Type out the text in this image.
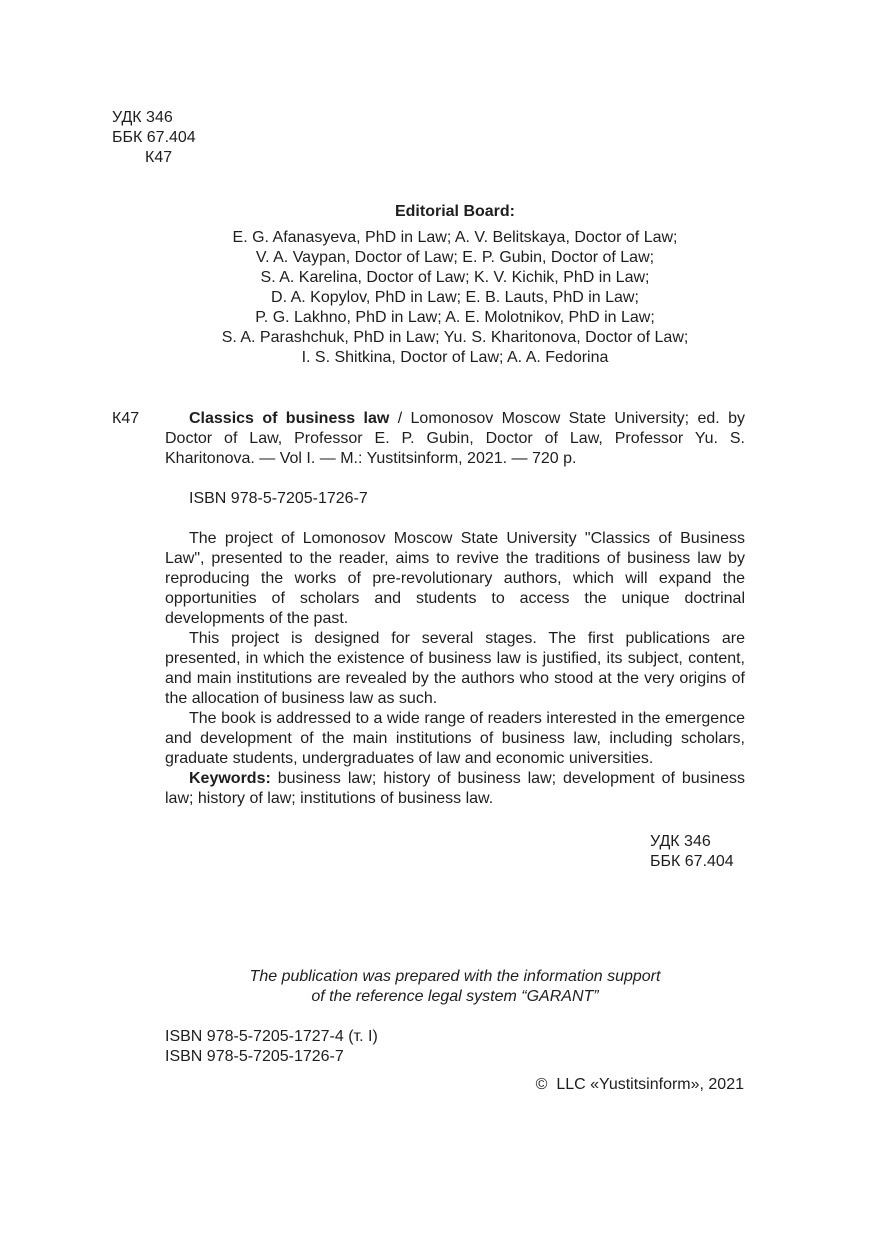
УДК 346
ББК 67.404
К47
Editorial Board:
E. G. Afanasyeva, PhD in Law; A. V. Belitskaya, Doctor of Law;
V. A. Vaypan, Doctor of Law; E. P. Gubin, Doctor of Law;
S. A. Karelina, Doctor of Law; K. V. Kichik, PhD in Law;
D. A. Kopylov, PhD in Law; E. B. Lauts, PhD in Law;
P. G. Lakhno, PhD in Law; A. E. Molotnikov, PhD in Law;
S. A. Parashchuk, PhD in Law; Yu. S. Kharitonova, Doctor of Law;
I. S. Shitkina, Doctor of Law; A. A. Fedorina
К47	Classics of business law / Lomonosov Moscow State University; ed. by Doctor of Law, Professor E. P. Gubin, Doctor of Law, Professor Yu. S. Kharitonova. — Vol I. — M.: Yustitsinform, 2021. — 720 p.

ISBN 978-5-7205-1726-7

The project of Lomonosov Moscow State University "Classics of Business Law", presented to the reader, aims to revive the traditions of business law by reproducing the works of pre-revolutionary authors, which will expand the opportunities of scholars and students to access the unique doctrinal developments of the past.

This project is designed for several stages. The first publications are presented, in which the existence of business law is justified, its subject, content, and main institutions are revealed by the authors who stood at the very origins of the allocation of business law as such.

The book is addressed to a wide range of readers interested in the emergence and development of the main institutions of business law, including scholars, graduate students, undergraduates of law and economic universities.

Keywords: business law; history of business law; development of business law; history of law; institutions of business law.

УДК 346
ББК 67.404
The publication was prepared with the information support
of the reference legal system “GARANT”
ISBN 978-5-7205-1727-4 (т. I)
ISBN 978-5-7205-1726-7
©  LLC «Yustitsinform», 2021
